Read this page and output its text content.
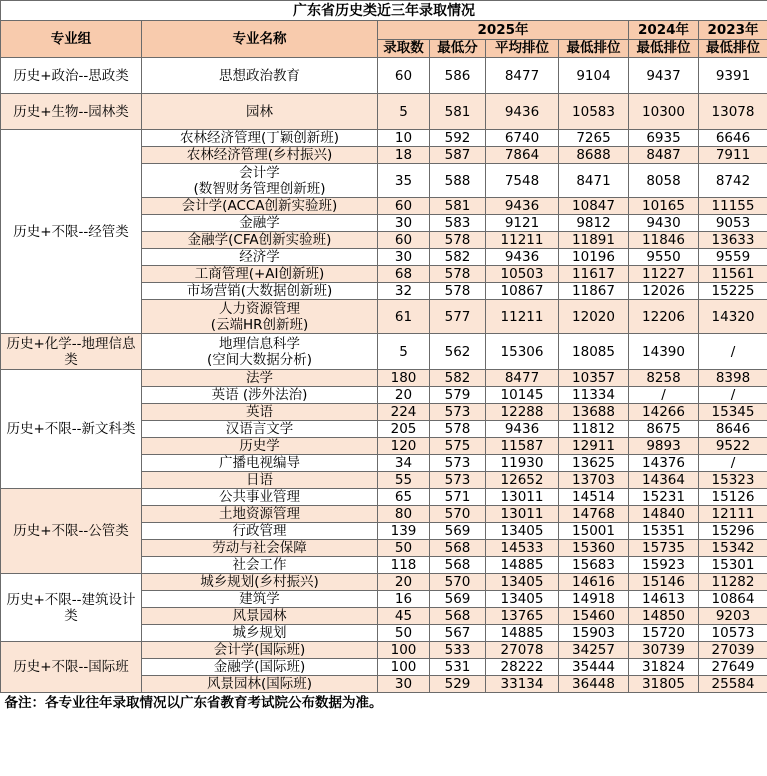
广东省历史类近三年录取情况							
专业组	专业名称	2025年				2024年	2023年
		录取数	最低分	平均排位	最低排位	最低排位	最低排位
历史+政治--思政类	思想政治教育	60	586	8477	9104	9437	9391
历史+生物--园林类	园林	5	581	9436	10583	10300	13078
历史+不限--经管类	农林经济管理(丁颖创新班)	10	592	6740	7265	6935	6646
	农林经济管理(乡村振兴)	18	587	7864	8688	8487	7911
	会计学
(数智财务管理创新班)	35	588	7548	8471	8058	8742
	会计学(ACCA创新实验班)	60	581	9436	10847	10165	11155
	金融学	30	583	9121	9812	9430	9053
	金融学(CFA创新实验班)	60	578	11211	11891	11846	13633
	经济学	30	582	9436	10196	9550	9559
	工商管理(+AI创新班)	68	578	10503	11617	11227	11561
	市场营销(大数据创新班)	32	578	10867	11867	12026	15225
	人力资源管理
(云端HR创新班)	61	577	11211	12020	12206	14320
历史+化学--地理信息类	地理信息科学
(空间大数据分析)	5	562	15306	18085	14390	/
历史+不限--新文科类	法学	180	582	8477	10357	8258	8398
	英语 (涉外法治)	20	579	10145	11334	/	/
	英语	224	573	12288	13688	14266	15345
	汉语言文学	205	578	9436	11812	8675	8646
	历史学	120	575	11587	12911	9893	9522
	广播电视编导	34	573	11930	13625	14376	/
	日语	55	573	12652	13703	14364	15323
历史+不限--公管类	公共事业管理	65	571	13011	14514	15231	15126
	土地资源管理	80	570	13011	14768	14840	12111
	行政管理	139	569	13405	15001	15351	15296
	劳动与社会保障	50	568	14533	15360	15735	15342
	社会工作	118	568	14885	15683	15923	15301
历史+不限--建筑设计类	城乡规划(乡村振兴)	20	570	13405	14616	15146	11282
	建筑学	16	569	13405	14918	14613	10864
	风景园林	45	568	13765	15460	14850	9203
	城乡规划	50	567	14885	15903	15720	10573
历史+不限--国际班	会计学(国际班)	100	533	27078	34257	30739	27039
	金融学(国际班)	100	531	28222	35444	31824	27649
	风景园林(国际班)	30	529	33134	36448	31805	25584
备注：各专业往年录取情况以广东省教育考试院公布数据为准。							
